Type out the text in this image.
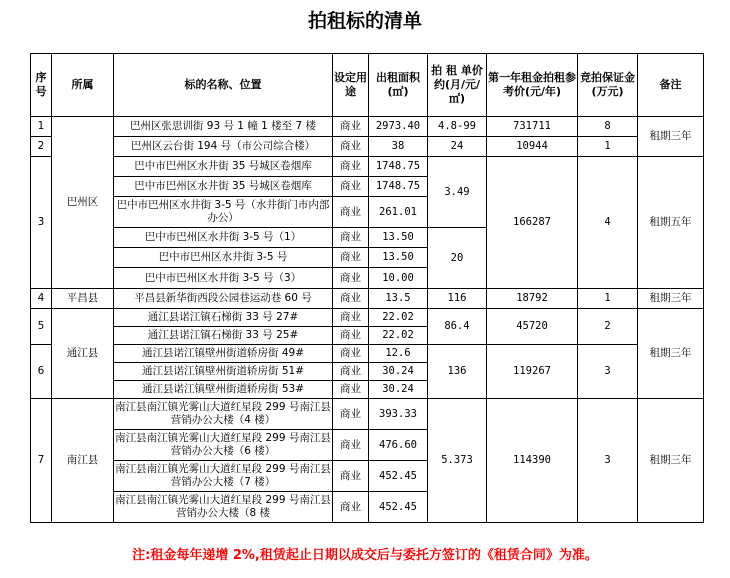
拍租标的清单
序号	所属	标的名称、位置	设定用途	出租面积(㎡)	拍 租 单价约(月/元/㎡)	第一年租金拍租参考价(元/年)	竞拍保证金(万元)	备注
1	巴州区	巴州区张思训街 93 号 1 幢 1 楼至 7 楼	商业	2973.40	4.8-99	731711	8	租期三年
2		巴州区云台街 194 号（市公司综合楼）	商业	38	24	10944	1	
3		巴中市巴州区水井街 35 号城区卷烟库	商业	1748.75	3.49	166287	4	租期五年
		巴中市巴州区水井街 35 号城区卷烟库	商业	1748.75				
		巴中市巴州区水井街 3-5 号（水井街门市内部办公）	商业	261.01				
		巴中市巴州区水井街 3-5 号（1）	商业	13.50	20			
		巴中市巴州区水井街 3-5 号	商业	13.50				
		巴中市巴州区水井街 3-5 号（3）	商业	10.00				
4	平昌县	平昌县新华街西段公园巷运动巷 60 号	商业	13.5	116	18792	1	租期三年
5	通江县	通江县诺江镇石梯街 33 号 27#	商业	22.02	86.4	45720	2	租期三年
		通江县诺江镇石梯街 33 号 25#	商业	22.02				
6		通江县诺江镇壁州街道轿房街 49#	商业	12.6	136	119267	3	
		通江县诺江镇壁州街道轿房街 51#	商业	30.24				
		通江县诺江镇壁州街道轿房街 53#	商业	30.24				
7	南江县	南江县南江镇光雾山大道红星段 299 号南江县营销办公大楼（4 楼）	商业	393.33	5.373	114390	3	租期三年
		南江县南江镇光雾山大道红星段 299 号南江县营销办公大楼（6 楼）	商业	476.60				
		南江县南江镇光雾山大道红星段 299 号南江县营销办公大楼（7 楼）	商业	452.45				
		南江县南江镇光雾山大道红星段 299 号南江县营销办公大楼（8 楼	商业	452.45				
注:租金每年递增 2%,租赁起止日期以成交后与委托方签订的《租赁合同》为准。
